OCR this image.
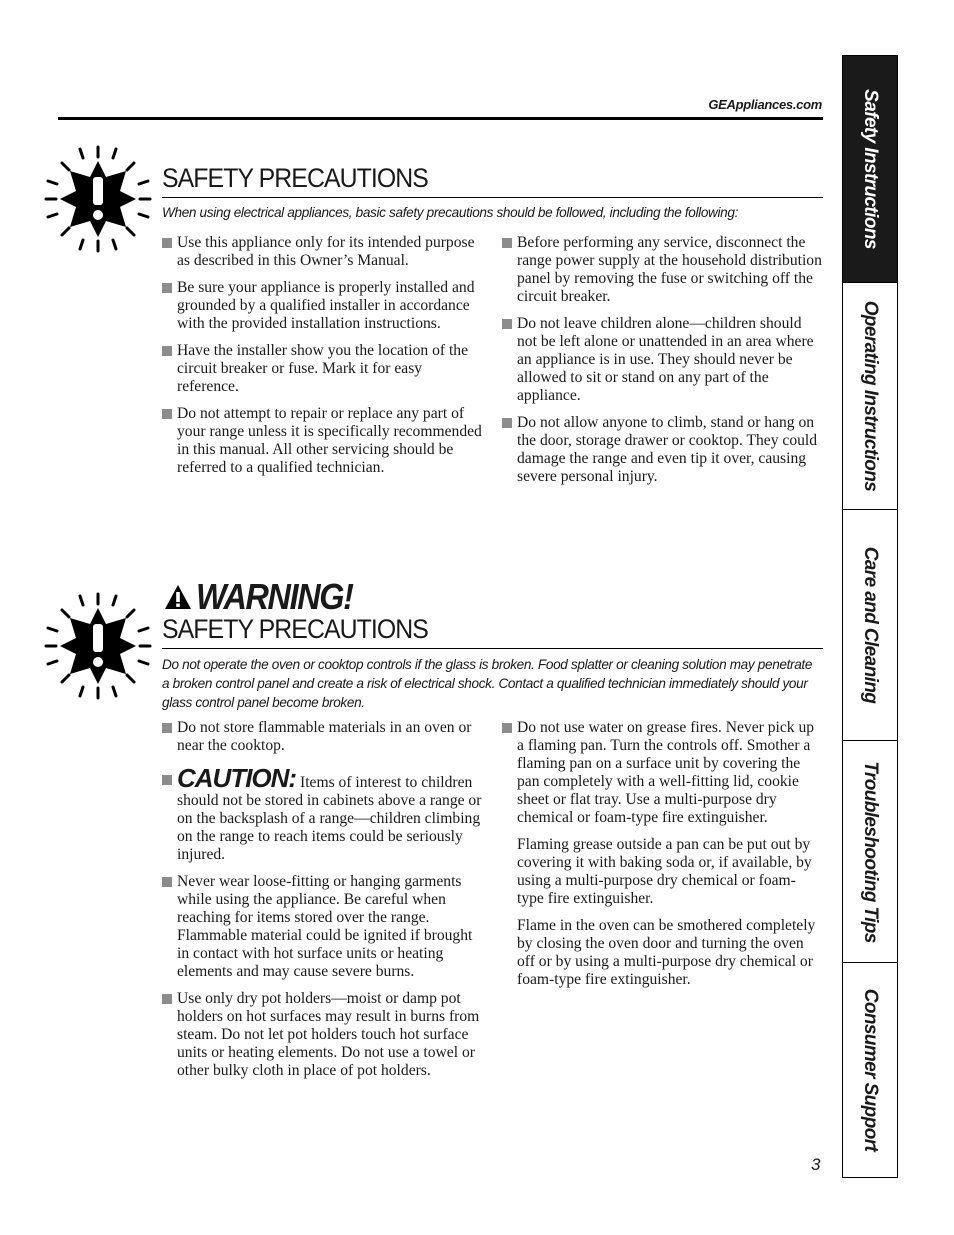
GEAppliances.com
SAFETY PRECAUTIONS
When using electrical appliances, basic safety precautions should be followed, including the following:
Use this appliance only for its intended purpose as described in this Owner’s Manual.
Be sure your appliance is properly installed and grounded by a qualified installer in accordance with the provided installation instructions.
Have the installer show you the location of the circuit breaker or fuse. Mark it for easy reference.
Do not attempt to repair or replace any part of your range unless it is specifically recommended in this manual. All other servicing should be referred to a qualified technician.
Before performing any service, disconnect the range power supply at the household distribution panel by removing the fuse or switching off the circuit breaker.
Do not leave children alone—children should not be left alone or unattended in an area where an appliance is in use. They should never be allowed to sit or stand on any part of the appliance.
Do not allow anyone to climb, stand or hang on the door, storage drawer or cooktop. They could damage the range and even tip it over, causing severe personal injury.
WARNING!
SAFETY PRECAUTIONS
Do not operate the oven or cooktop controls if the glass is broken. Food splatter or cleaning solution may penetrate a broken control panel and create a risk of electrical shock. Contact a qualified technician immediately should your glass control panel become broken.
Do not store flammable materials in an oven or near the cooktop.
CAUTION: Items of interest to children should not be stored in cabinets above a range or on the backsplash of a range—children climbing on the range to reach items could be seriously injured.
Never wear loose-fitting or hanging garments while using the appliance. Be careful when reaching for items stored over the range. Flammable material could be ignited if brought in contact with hot surface units or heating elements and may cause severe burns.
Use only dry pot holders—moist or damp pot holders on hot surfaces may result in burns from steam. Do not let pot holders touch hot surface units or heating elements. Do not use a towel or other bulky cloth in place of pot holders.
Do not use water on grease fires. Never pick up a flaming pan. Turn the controls off. Smother a flaming pan on a surface unit by covering the pan completely with a well-fitting lid, cookie sheet or flat tray. Use a multi-purpose dry chemical or foam-type fire extinguisher.
Flaming grease outside a pan can be put out by covering it with baking soda or, if available, by using a multi-purpose dry chemical or foam-type fire extinguisher.
Flame in the oven can be smothered completely by closing the oven door and turning the oven off or by using a multi-purpose dry chemical or foam-type fire extinguisher.
Safety Instructions
Operating Instructions
Care and Cleaning
Troubleshooting Tips
Consumer Support
3
